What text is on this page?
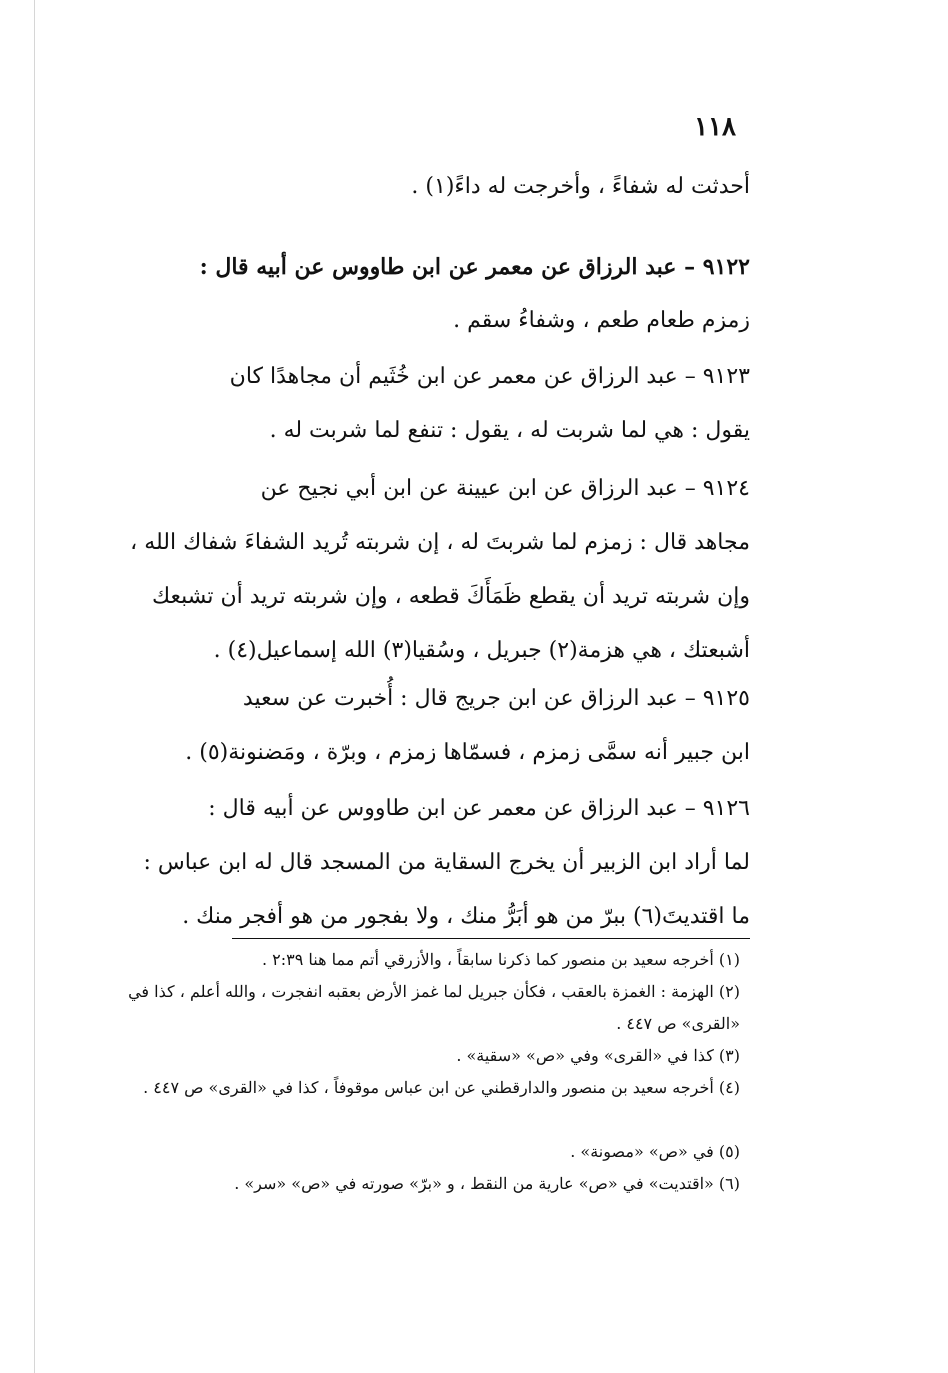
١١٨
أحدثت له شفاءً ، وأخرجت له داءً(١) .
٩١٢٢ – عبد الرزاق عن معمر عن ابن طاووس عن أبيه قال :
زمزم طعام طعم ، وشفاءُ سقم .
٩١٢٣ – عبد الرزاق عن معمر عن ابن خُثَيم أن مجاهدًا كان
يقول : هي لما شربت له ، يقول : تنفع لما شربت له .
٩١٢٤ – عبد الرزاق عن ابن عيينة عن ابن أبي نجيح عن
مجاهد قال : زمزم لما شربتَ له ، إن شربته تُريد الشفاءَ شفاك الله ،
وإن شربته تريد أن يقطع ظَمَأَكَ قطعه ، وإن شربته تريد أن تشبعك
أشبعتك ، هي هزمة(٢) جبريل ، وسُقيا(٣) الله إسماعيل(٤) .
٩١٢٥ – عبد الرزاق عن ابن جريج قال : أُخبرت عن سعيد
ابن جبير أنه سمَّى زمزم ، فسمّاها زمزم ، وبرّة ، ومَضنونة(٥) .
٩١٢٦ – عبد الرزاق عن معمر عن ابن طاووس عن أبيه قال :
لما أراد ابن الزبير أن يخرج السقاية من المسجد قال له ابن عباس :
ما اقتديتَ(٦) ببرّ من هو أبَرُّ منك ، ولا بفجور من هو أفجر منك .
(١) أخرجه سعيد بن منصور كما ذكرنا سابقاً ، والأزرقي أتم مما هنا ٢:٣٩ .
(٢) الهزمة : الغمزة بالعقب ، فكأن جبريل لما غمز الأرض بعقبه انفجرت ، والله أعلم ، كذا في «القرى» ص ٤٤٧ .
(٣) كذا في «القرى» وفي «ص» «سقية» .
(٤) أخرجه سعيد بن منصور والدارقطني عن ابن عباس موقوفاً ، كذا في «القرى» ص ٤٤٧ .
(٥) في «ص» «مصونة» .
(٦) «اقتديت» في «ص» عارية من النقط ، و «برّ» صورته في «ص» «سر» .
